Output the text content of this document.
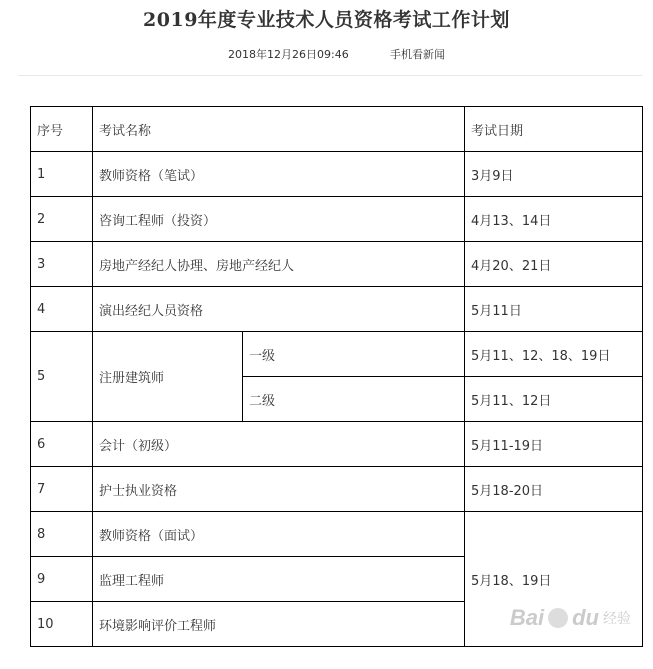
2019年度专业技术人员资格考试工作计划
2018年12月26日09:46	手机看新闻
序号	考试名称		考试日期
1	教师资格（笔试）		3月9日
2	咨询工程师（投资）		4月13、14日
3	房地产经纪人协理、房地产经纪人		4月20、21日
4	演出经纪人员资格		5月11日
5	注册建筑师	一级	5月11、12、18、19日
		二级	5月11、12日
6	会计（初级）		5月11-19日
7	护士执业资格		5月18-20日
8	教师资格（面试）		5月18、19日
9	监理工程师		
10	环境影响评价工程师			Bai du 经验
